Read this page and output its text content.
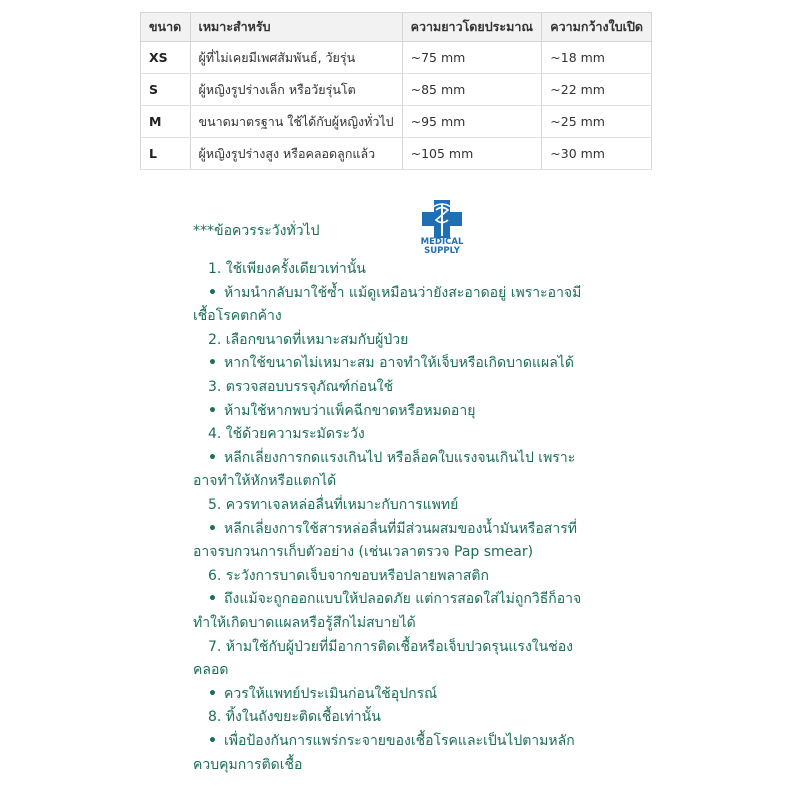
ขนาด	เหมาะสำหรับ	ความยาวโดยประมาณ	ความกว้างใบเปิด
XS	ผู้ที่ไม่เคยมีเพศสัมพันธ์, วัยรุ่น	~75 mm	~18 mm
S	ผู้หญิงรูปร่างเล็ก หรือวัยรุ่นโต	~85 mm	~22 mm
M	ขนาดมาตรฐาน ใช้ได้กับผู้หญิงทั่วไป	~95 mm	~25 mm
L	ผู้หญิงรูปร่างสูง หรือคลอดลูกแล้ว	~105 mm	~30 mm
MEDICAL
SUPPLY
***ข้อควรระวังทั่วไป
1. ใช้เพียงครั้งเดียวเท่านั้น
• ห้ามนำกลับมาใช้ซ้ำ แม้ดูเหมือนว่ายังสะอาดอยู่ เพราะอาจมี
เชื้อโรคตกค้าง
2. เลือกขนาดที่เหมาะสมกับผู้ป่วย
• หากใช้ขนาดไม่เหมาะสม อาจทำให้เจ็บหรือเกิดบาดแผลได้
3. ตรวจสอบบรรจุภัณฑ์ก่อนใช้
• ห้ามใช้หากพบว่าแพ็คฉีกขาดหรือหมดอายุ
4. ใช้ด้วยความระมัดระวัง
• หลีกเลี่ยงการกดแรงเกินไป หรือล็อคใบแรงจนเกินไป เพราะ
อาจทำให้หักหรือแตกได้
5. ควรทาเจลหล่อลื่นที่เหมาะกับการแพทย์
• หลีกเลี่ยงการใช้สารหล่อลื่นที่มีส่วนผสมของน้ำมันหรือสารที่
อาจรบกวนการเก็บตัวอย่าง (เช่นเวลาตรวจ Pap smear)
6. ระวังการบาดเจ็บจากขอบหรือปลายพลาสติก
• ถึงแม้จะถูกออกแบบให้ปลอดภัย แต่การสอดใส่ไม่ถูกวิธีก็อาจ
ทำให้เกิดบาดแผลหรือรู้สึกไม่สบายได้
7. ห้ามใช้กับผู้ป่วยที่มีอาการติดเชื้อหรือเจ็บปวดรุนแรงในช่อง
คลอด
• ควรให้แพทย์ประเมินก่อนใช้อุปกรณ์
8. ทิ้งในถังขยะติดเชื้อเท่านั้น
• เพื่อป้องกันการแพร่กระจายของเชื้อโรคและเป็นไปตามหลัก
ควบคุมการติดเชื้อ
